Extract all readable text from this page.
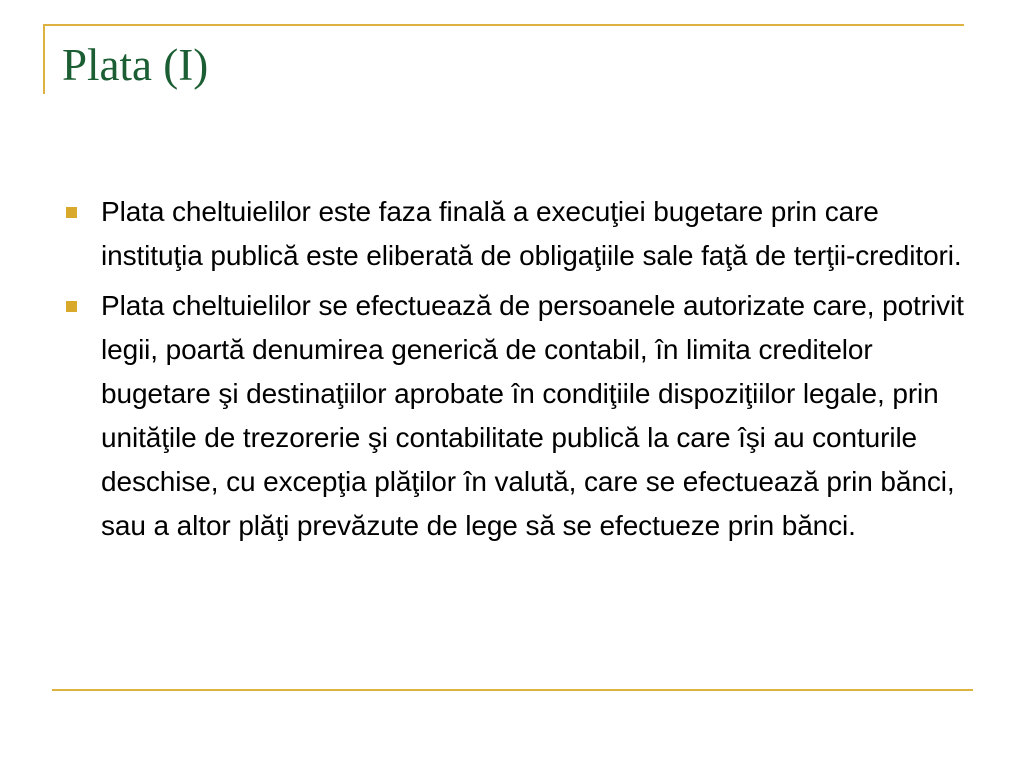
Plata (I)
Plata cheltuielilor este faza finală a execuţiei bugetare prin care instituţia publică este eliberată de obligaţiile sale faţă de terţii-creditori.
Plata cheltuielilor se efectuează de persoanele autorizate care, potrivit legii, poartă denumirea generică de contabil, în limita creditelor bugetare şi destinaţiilor aprobate în condiţiile dispoziţiilor legale, prin unităţile de trezorerie şi contabilitate publică la care îşi au conturile deschise, cu excepţia plăţilor în valută, care se efectuează prin bănci, sau a altor plăţi prevăzute de lege să se efectueze prin bănci.
